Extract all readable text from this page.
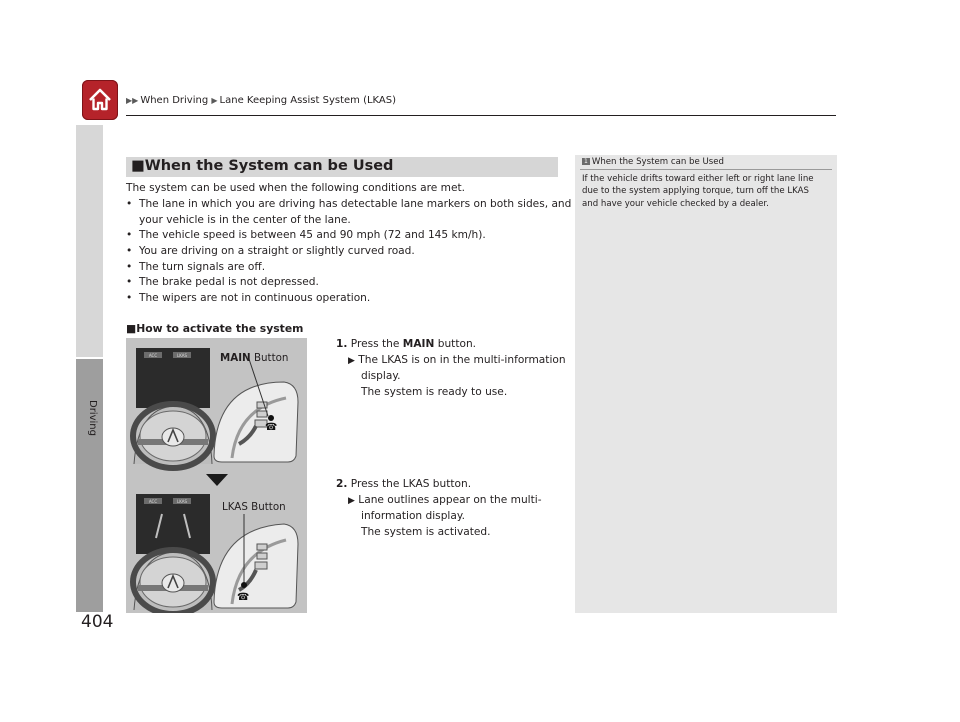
▶▶ When Driving ▶ Lane Keeping Assist System (LKAS)
Driving
404
■When the System can be Used
The system can be used when the following conditions are met.
• The lane in which you are driving has detectable lane markers on both sides, and
your vehicle is in the center of the lane.
• The vehicle speed is between 45 and 90 mph (72 and 145 km/h).
• You are driving on a straight or slightly curved road.
• The turn signals are off.
• The brake pedal is not depressed.
• The wipers are not in continuous operation.
■How to activate the system
1. Press the MAIN button.
▶ The LKAS is on in the multi-information
display.
The system is ready to use.
2. Press the LKAS button.
▶ Lane outlines appear on the multi-
information display.
The system is activated.
ACC	LKAS
☎
ACC	LKAS
☎
MAIN Button
LKAS Button
1 When the System can be Used
If the vehicle drifts toward either left or right lane line
due to the system applying torque, turn off the LKAS
and have your vehicle checked by a dealer.
